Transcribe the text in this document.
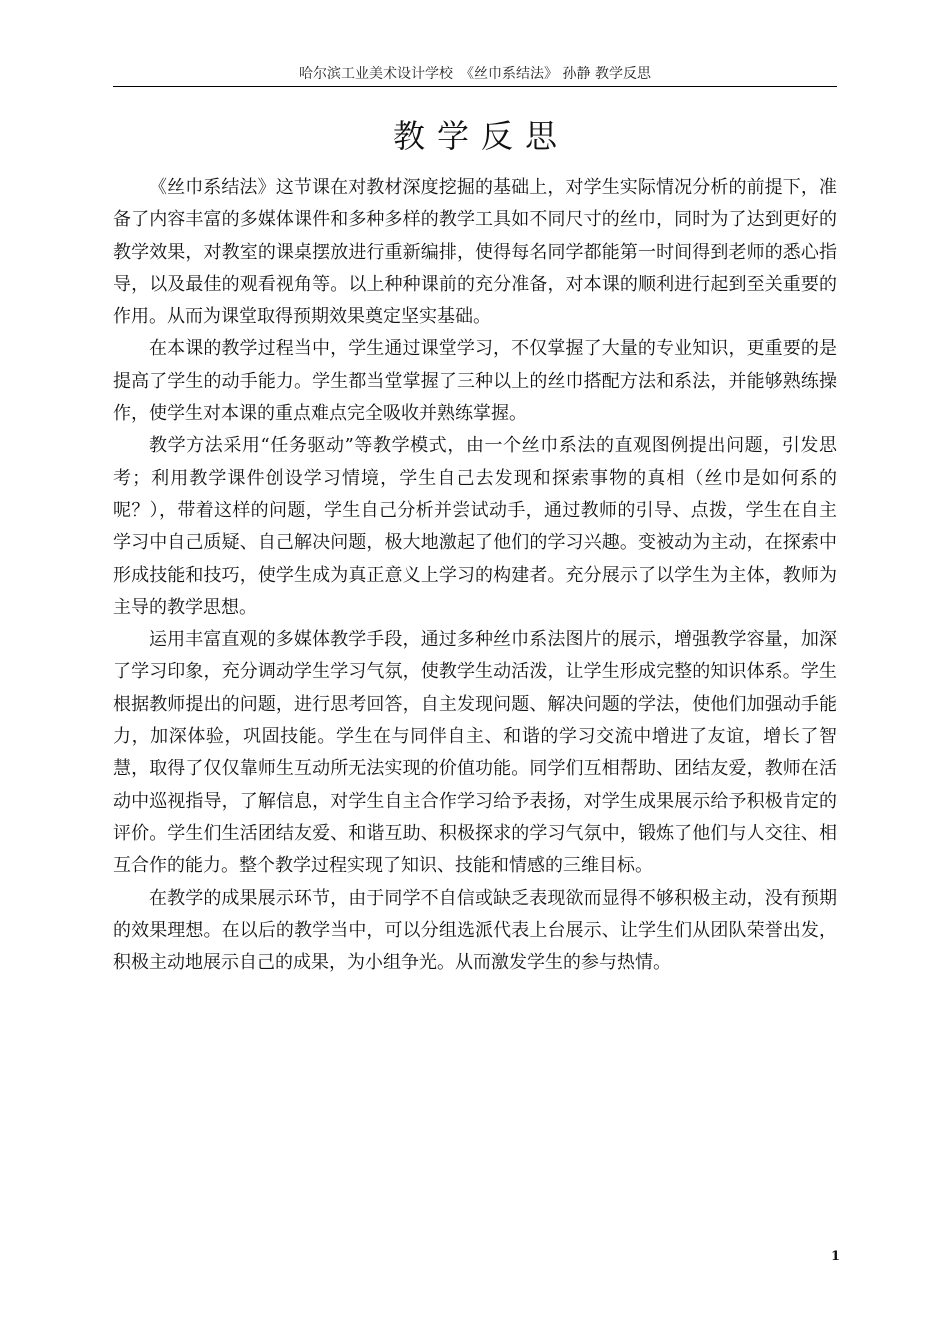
哈尔滨工业美术设计学校　《丝巾系结法》 孙静 教学反思
教学反思

《丝巾系结法》这节课在对教材深度挖掘的基础上，对学生实际情况分析的前提下，准备了内容丰富的多媒体课件和多种多样的教学工具如不同尺寸的丝巾，同时为了达到更好的教学效果，对教室的课桌摆放进行重新编排，使得每名同学都能第一时间得到老师的悉心指导，以及最佳的观看视角等。以上种种课前的充分准备，对本课的顺利进行起到至关重要的作用。从而为课堂取得预期效果奠定坚实基础。

在本课的教学过程当中，学生通过课堂学习，不仅掌握了大量的专业知识，更重要的是提高了学生的动手能力。学生都当堂掌握了三种以上的丝巾搭配方法和系法，并能够熟练操作，使学生对本课的重点难点完全吸收并熟练掌握。

教学方法采用“任务驱动”等教学模式，由一个丝巾系法的直观图例提出问题，引发思考；利用教学课件创设学习情境，学生自己去发现和探索事物的真相（丝巾是如何系的呢？），带着这样的问题，学生自己分析并尝试动手，通过教师的引导、点拨，学生在自主学习中自己质疑、自己解决问题，极大地激起了他们的学习兴趣。变被动为主动，在探索中形成技能和技巧，使学生成为真正意义上学习的构建者。充分展示了以学生为主体，教师为主导的教学思想。

运用丰富直观的多媒体教学手段，通过多种丝巾系法图片的展示，增强教学容量，加深了学习印象，充分调动学生学习气氛，使教学生动活泼，让学生形成完整的知识体系。学生根据教师提出的问题，进行思考回答，自主发现问题、解决问题的学法，使他们加强动手能力，加深体验，巩固技能。学生在与同伴自主、和谐的学习交流中增进了友谊，增长了智慧，取得了仅仅靠师生互动所无法实现的价值功能。同学们互相帮助、团结友爱，教师在活动中巡视指导，了解信息，对学生自主合作学习给予表扬，对学生成果展示给予积极肯定的评价。学生们生活团结友爱、和谐互助、积极探求的学习气氛中，锻炼了他们与人交往、相互合作的能力。整个教学过程实现了知识、技能和情感的三维目标。

在教学的成果展示环节，由于同学不自信或缺乏表现欲而显得不够积极主动，没有预期的效果理想。在以后的教学当中，可以分组选派代表上台展示、让学生们从团队荣誉出发，积极主动地展示自己的成果，为小组争光。从而激发学生的参与热情。

1
